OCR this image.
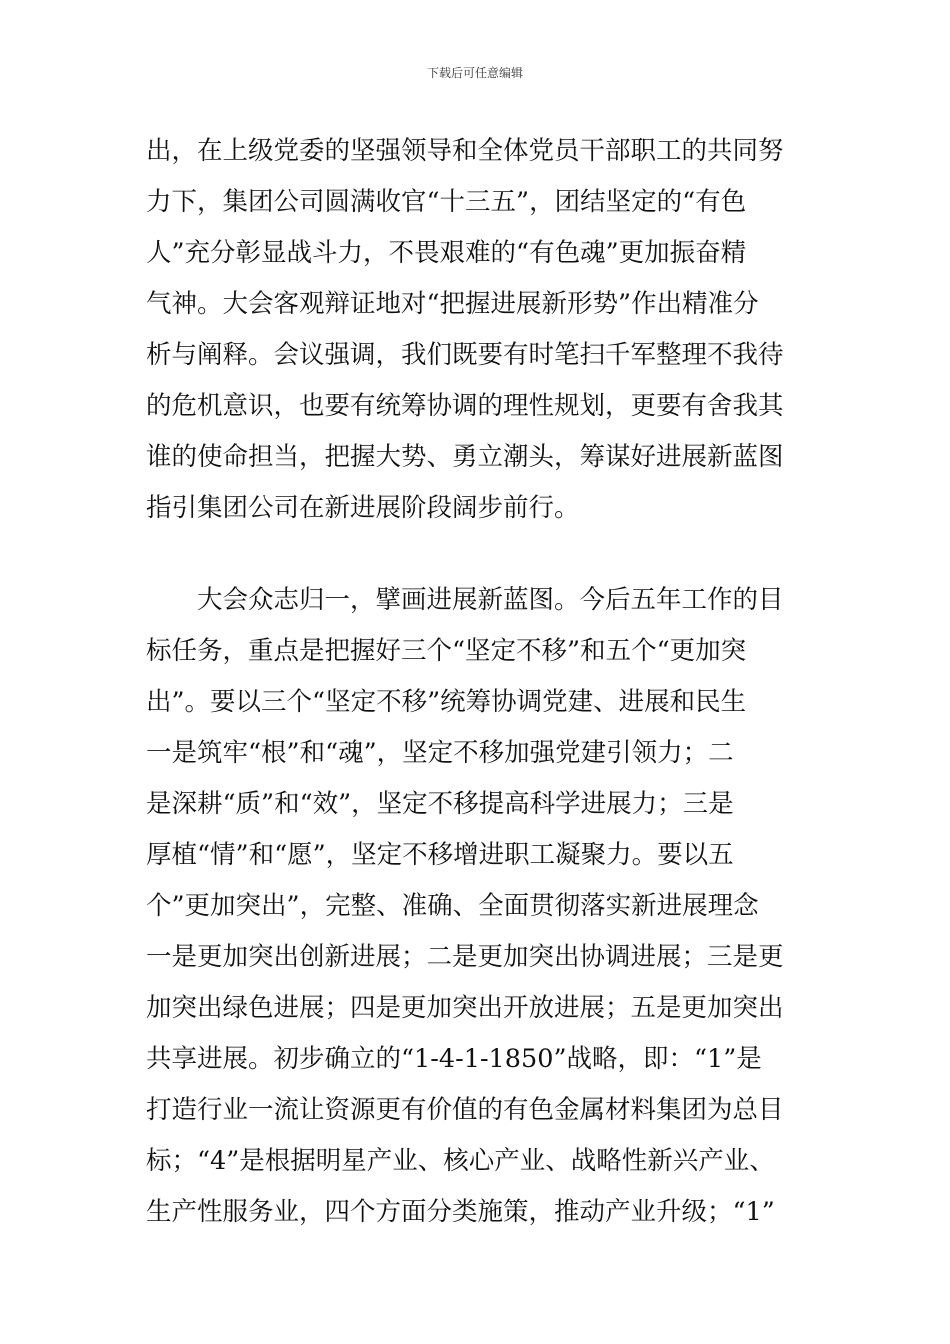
下载后可任意编辑
出，在上级党委的坚强领导和全体党员干部职工的共同努
力下，集团公司圆满收官“十三五”，团结坚定的“有色
人”充分彰显战斗力，不畏艰难的“有色魂”更加振奋精
气神。大会客观辩证地对“把握进展新形势”作出精准分
析与阐释。会议强调，我们既要有时笔扫千军整理不我待
的危机意识，也要有统筹协调的理性规划，更要有舍我其
谁的使命担当，把握大势、勇立潮头，筹谋好进展新蓝图
指引集团公司在新进展阶段阔步前行。
大会众志归一，擘画进展新蓝图。今后五年工作的目
标任务，重点是把握好三个“坚定不移”和五个“更加突
出”。要以三个“坚定不移”统筹协调党建、进展和民生
一是筑牢“根”和“魂”，坚定不移加强党建引领力；二
是深耕“质”和“效”，坚定不移提高科学进展力；三是
厚植“情”和“愿”，坚定不移增进职工凝聚力。要以五
个”更加突出”，完整、准确、全面贯彻落实新进展理念
一是更加突出创新进展；二是更加突出协调进展；三是更
加突出绿色进展；四是更加突出开放进展；五是更加突出
共享进展。初步确立的“1-4-1-1850”战略，即：“1”是
打造行业一流让资源更有价值的有色金属材料集团为总目
标；“4”是根据明星产业、核心产业、战略性新兴产业、
生产性服务业，四个方面分类施策，推动产业升级；“1”
